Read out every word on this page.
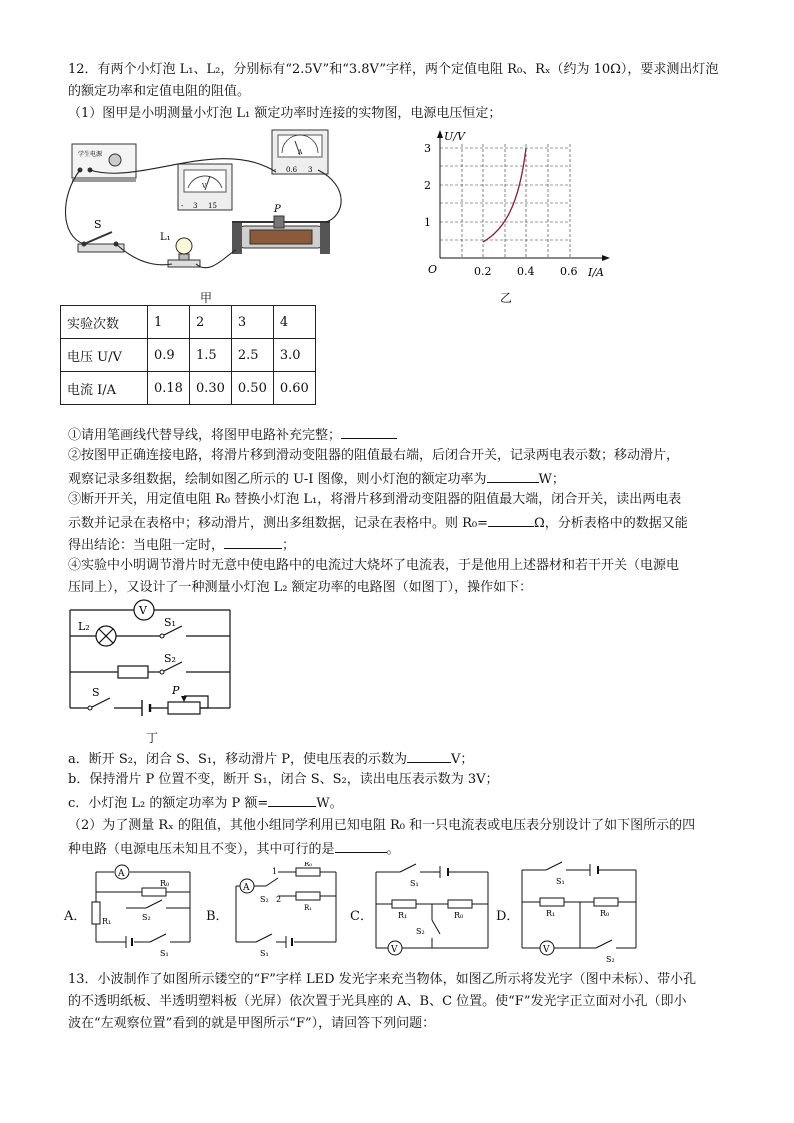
12．有两个小灯泡 L₁、L₂，分别标有“2.5V”和“3.8V”字样，两个定值电阻 R₀、Rₓ（约为 10Ω），要求测出灯泡
的额定功率和定值电阻的阻值。
（1）图甲是小明测量小灯泡 L₁ 额定功率时连接的实物图，电源电压恒定；
学生电源
V
- 3 15
A
- 0.6 3
S
L₁
P
甲
U/V
I/A
O
1
2
3
0.2 0.4 0.6
乙
实验次数	1	2	3	4
电压 U/V	0.9	1.5	2.5	3.0
电流 I/A	0.18	0.30	0.50	0.60
①请用笔画线代替导线，将图甲电路补充完整；
②按图甲正确连接电路，将滑片移到滑动变阻器的阻值最右端，后闭合开关，记录两电表示数；移动滑片，
观察记录多组数据，绘制如图乙所示的 U-I 图像，则小灯泡的额定功率为	W；
③断开开关，用定值电阻 R₀ 替换小灯泡 L₁，将滑片移到滑动变阻器的阻值最大端，闭合开关，读出两电表
示数并记录在表格中；移动滑片，测出多组数据，记录在表格中。则 R₀=	Ω，分析表格中的数据又能
得出结论：当电阻一定时，	；
④实验中小明调节滑片时无意中使电路中的电流过大烧坏了电流表，于是他用上述器材和若干开关（电源电
压同上），又设计了一种测量小灯泡 L₂ 额定功率的电路图（如图丁），操作如下：
V
L₂	S₁
S₂
S	P
丁
a．断开 S₂，闭合 S、S₁，移动滑片 P，使电压表的示数为	V；
b．保持滑片 P 位置不变，断开 S₁，闭合 S、S₂，读出电压表示数为 3V；
c．小灯泡 L₂ 的额定功率为 P 额=	W。
（2）为了测量 Rₓ 的阻值，其他小组同学利用已知电阻 R₀ 和一只电流表或电压表分别设计了如下图所示的四
种电路（电源电压未知且不变），其中可行的是	。
A．
A
R₀
S₂
R₁
S₁
B．
A
1
R₀
S₂ 2
R₁
S₁
C．
S₁
R₁
S₂
R₀
V
D．
S₁
R₁	R₀
V
S₂
13．小波制作了如图所示镂空的“F”字样 LED 发光字来充当物体，如图乙所示将发光字（图中未标）、带小孔
的不透明纸板、半透明塑料板（光屏）依次置于光具座的 A、B、C 位置。使“F”发光字正立面对小孔（即小
波在“左观察位置”看到的就是甲图所示“F”），请回答下列问题：
